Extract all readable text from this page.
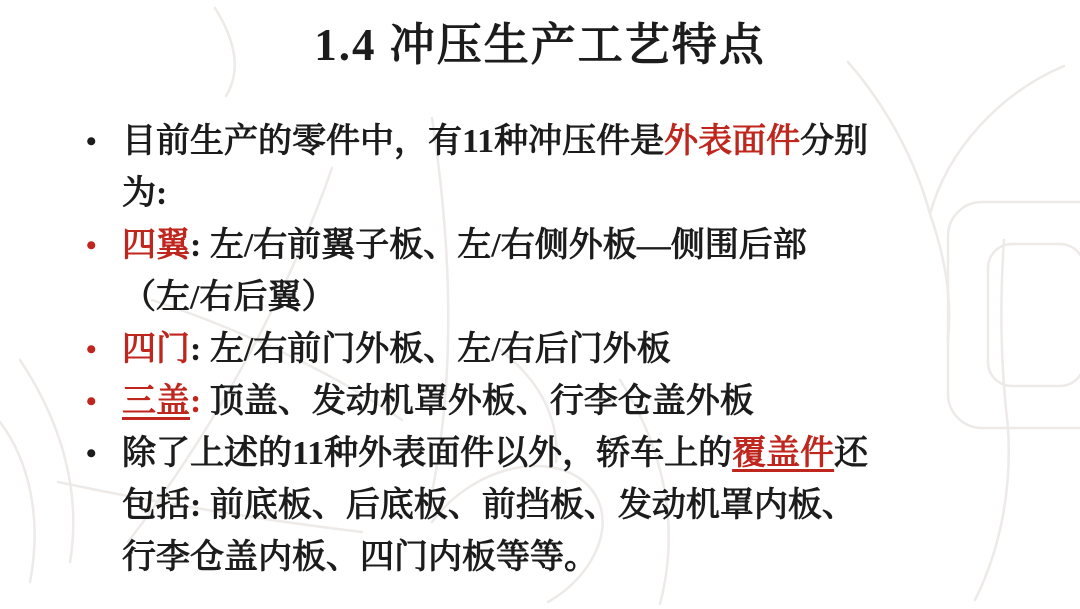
1.4 冲压生产工艺特点
• 目前生产的零件中，有11种冲压件是外表面件分别
为:
• 四翼: 左/右前翼子板、左/右侧外板—侧围后部
（左/右后翼）
• 四门: 左/右前门外板、左/右后门外板
• 三盖: 顶盖、发动机罩外板、行李仓盖外板
• 除了上述的11种外表面件以外，轿车上的覆盖件还
包括: 前底板、后底板、前挡板、发动机罩内板、
行李仓盖内板、四门内板等等。
